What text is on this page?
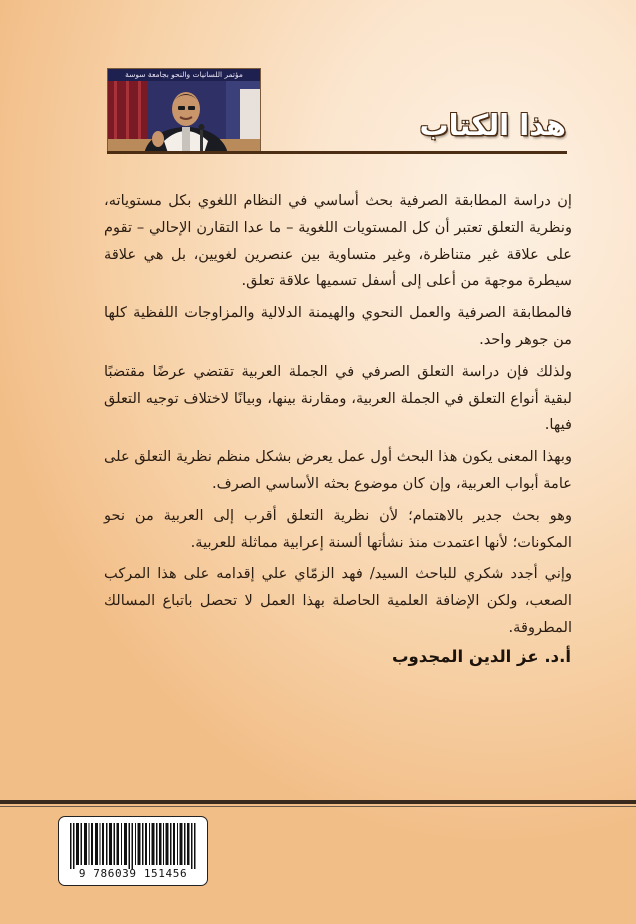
مؤتمر اللسانيات والنحو بجامعة سوسة
هذا الكتاب

إن دراسة المطابقة الصرفية بحث أساسي في النظام اللغوي بكل مستوياته، ونظرية التعلق تعتبر أن كل المستويات اللغوية – ما عدا التقارن الإحالي – تقوم على علاقة غير متناظرة، وغير متساوية بين عنصرين لغويين، بل هي علاقة سيطرة موجهة من أعلى إلى أسفل تسميها علاقة تعلق.

فالمطابقة الصرفية والعمل النحوي والهيمنة الدلالية والمزاوجات اللفظية كلها من جوهر واحد.

ولذلك فإن دراسة التعلق الصرفي في الجملة العربية تقتضي عرضًا مقتضبًا لبقية أنواع التعلق في الجملة العربية، ومقارنة بينها، وبيانًا لاختلاف توجيه التعلق فيها.

وبهذا المعنى يكون هذا البحث أول عمل يعرض بشكل منظم نظرية التعلق على عامة أبواب العربية، وإن كان موضوع بحثه الأساسي الصرف.

وهو بحث جدير بالاهتمام؛ لأن نظرية التعلق أقرب إلى العربية من نحو المكونات؛ لأنها اعتمدت منذ نشأتها ألسنة إعرابية مماثلة للعربية.

وإني أجدد شكري للباحث السيد/ فهد الزمّاي علي إقدامه على هذا المركب الصعب، ولكن الإضافة العلمية الحاصلة بهذا العمل لا تحصل باتباع المسالك المطروقة.

أ.د. عز الدين المجدوب
9 786039 151456
